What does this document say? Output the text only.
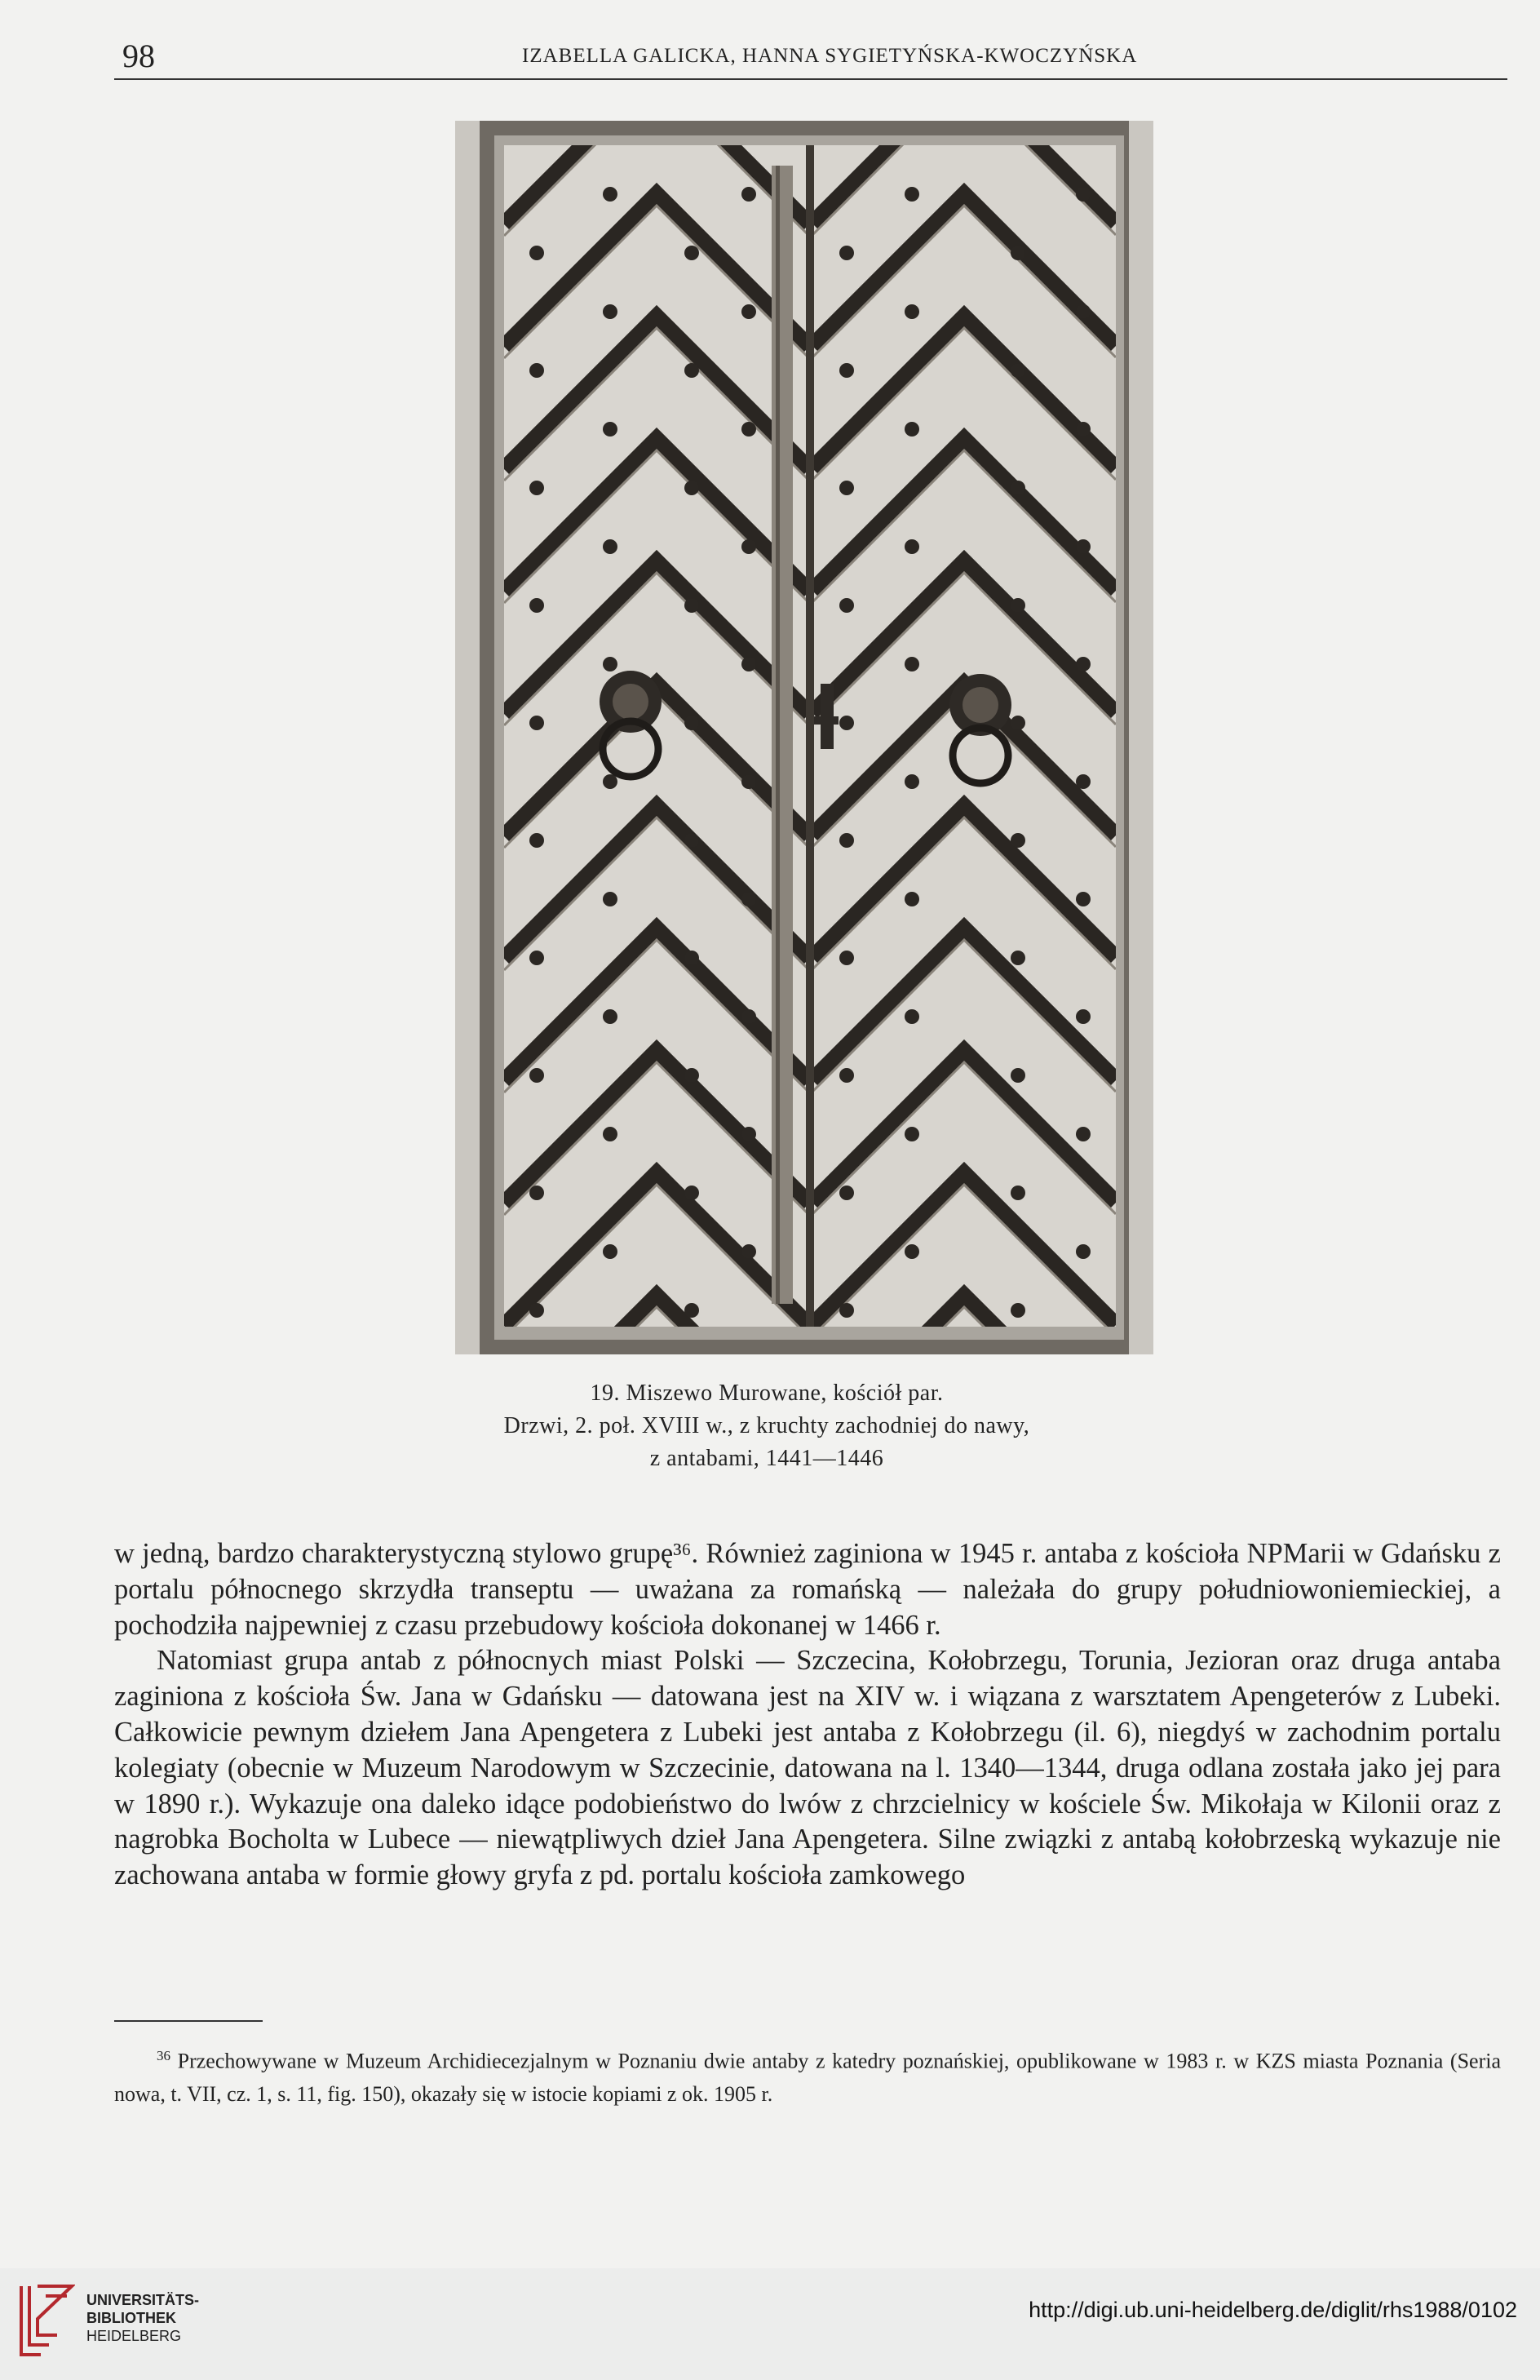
98	IZABELLA GALICKA, HANNA SYGIETYŃSKA-KWOCZYŃSKA
19. Miszewo Murowane, kościół par.
Drzwi, 2. poł. XVIII w., z kruchty zachodniej do nawy,
z antabami, 1441—1446

w jedną, bardzo charakterystyczną stylowo grupę³⁶. Również zaginiona w 1945 r. antaba z kościoła NPMarii w Gdańsku z portalu północnego skrzydła transeptu — uważana za romańską — należała do grupy południowoniemieckiej, a pochodziła najpewniej z czasu przebudowy kościoła dokonanej w 1466 r.

Natomiast grupa antab z północnych miast Polski — Szczecina, Kołobrzegu, Torunia, Jezioran oraz druga antaba zaginiona z kościoła Św. Jana w Gdańsku — datowana jest na XIV w. i wiązana z warsztatem Apengeterów z Lubeki. Całkowicie pewnym dziełem Jana Apengetera z Lubeki jest antaba z Kołobrzegu (il. 6), niegdyś w zachodnim portalu kolegiaty (obecnie w Muzeum Narodowym w Szczecinie, datowana na l. 1340—1344, druga odlana została jako jej para w 1890 r.). Wykazuje ona daleko idące podobieństwo do lwów z chrzcielnicy w kościele Św. Mikołaja w Kilonii oraz z nagrobka Bocholta w Lubece — niewątpliwych dzieł Jana Apengetera. Silne związki z antabą kołobrzeską wykazuje nie zachowana antaba w formie głowy gryfa z pd. portalu kościoła zamkowego

$^{36}$ Przechowywane w Muzeum Archidiecezjalnym w Poznaniu dwie antaby z katedry poznańskiej, opublikowane w 1983 r. w KZS miasta Poznania (Seria nowa, t. VII, cz. 1, s. 11, fig. 150), okazały się w istocie kopiami z ok. 1905 r.
UNIVERSITÄTS-
BIBLIOTHEK
HEIDELBERG
http://digi.ub.uni-heidelberg.de/diglit/rhs1988/0102
